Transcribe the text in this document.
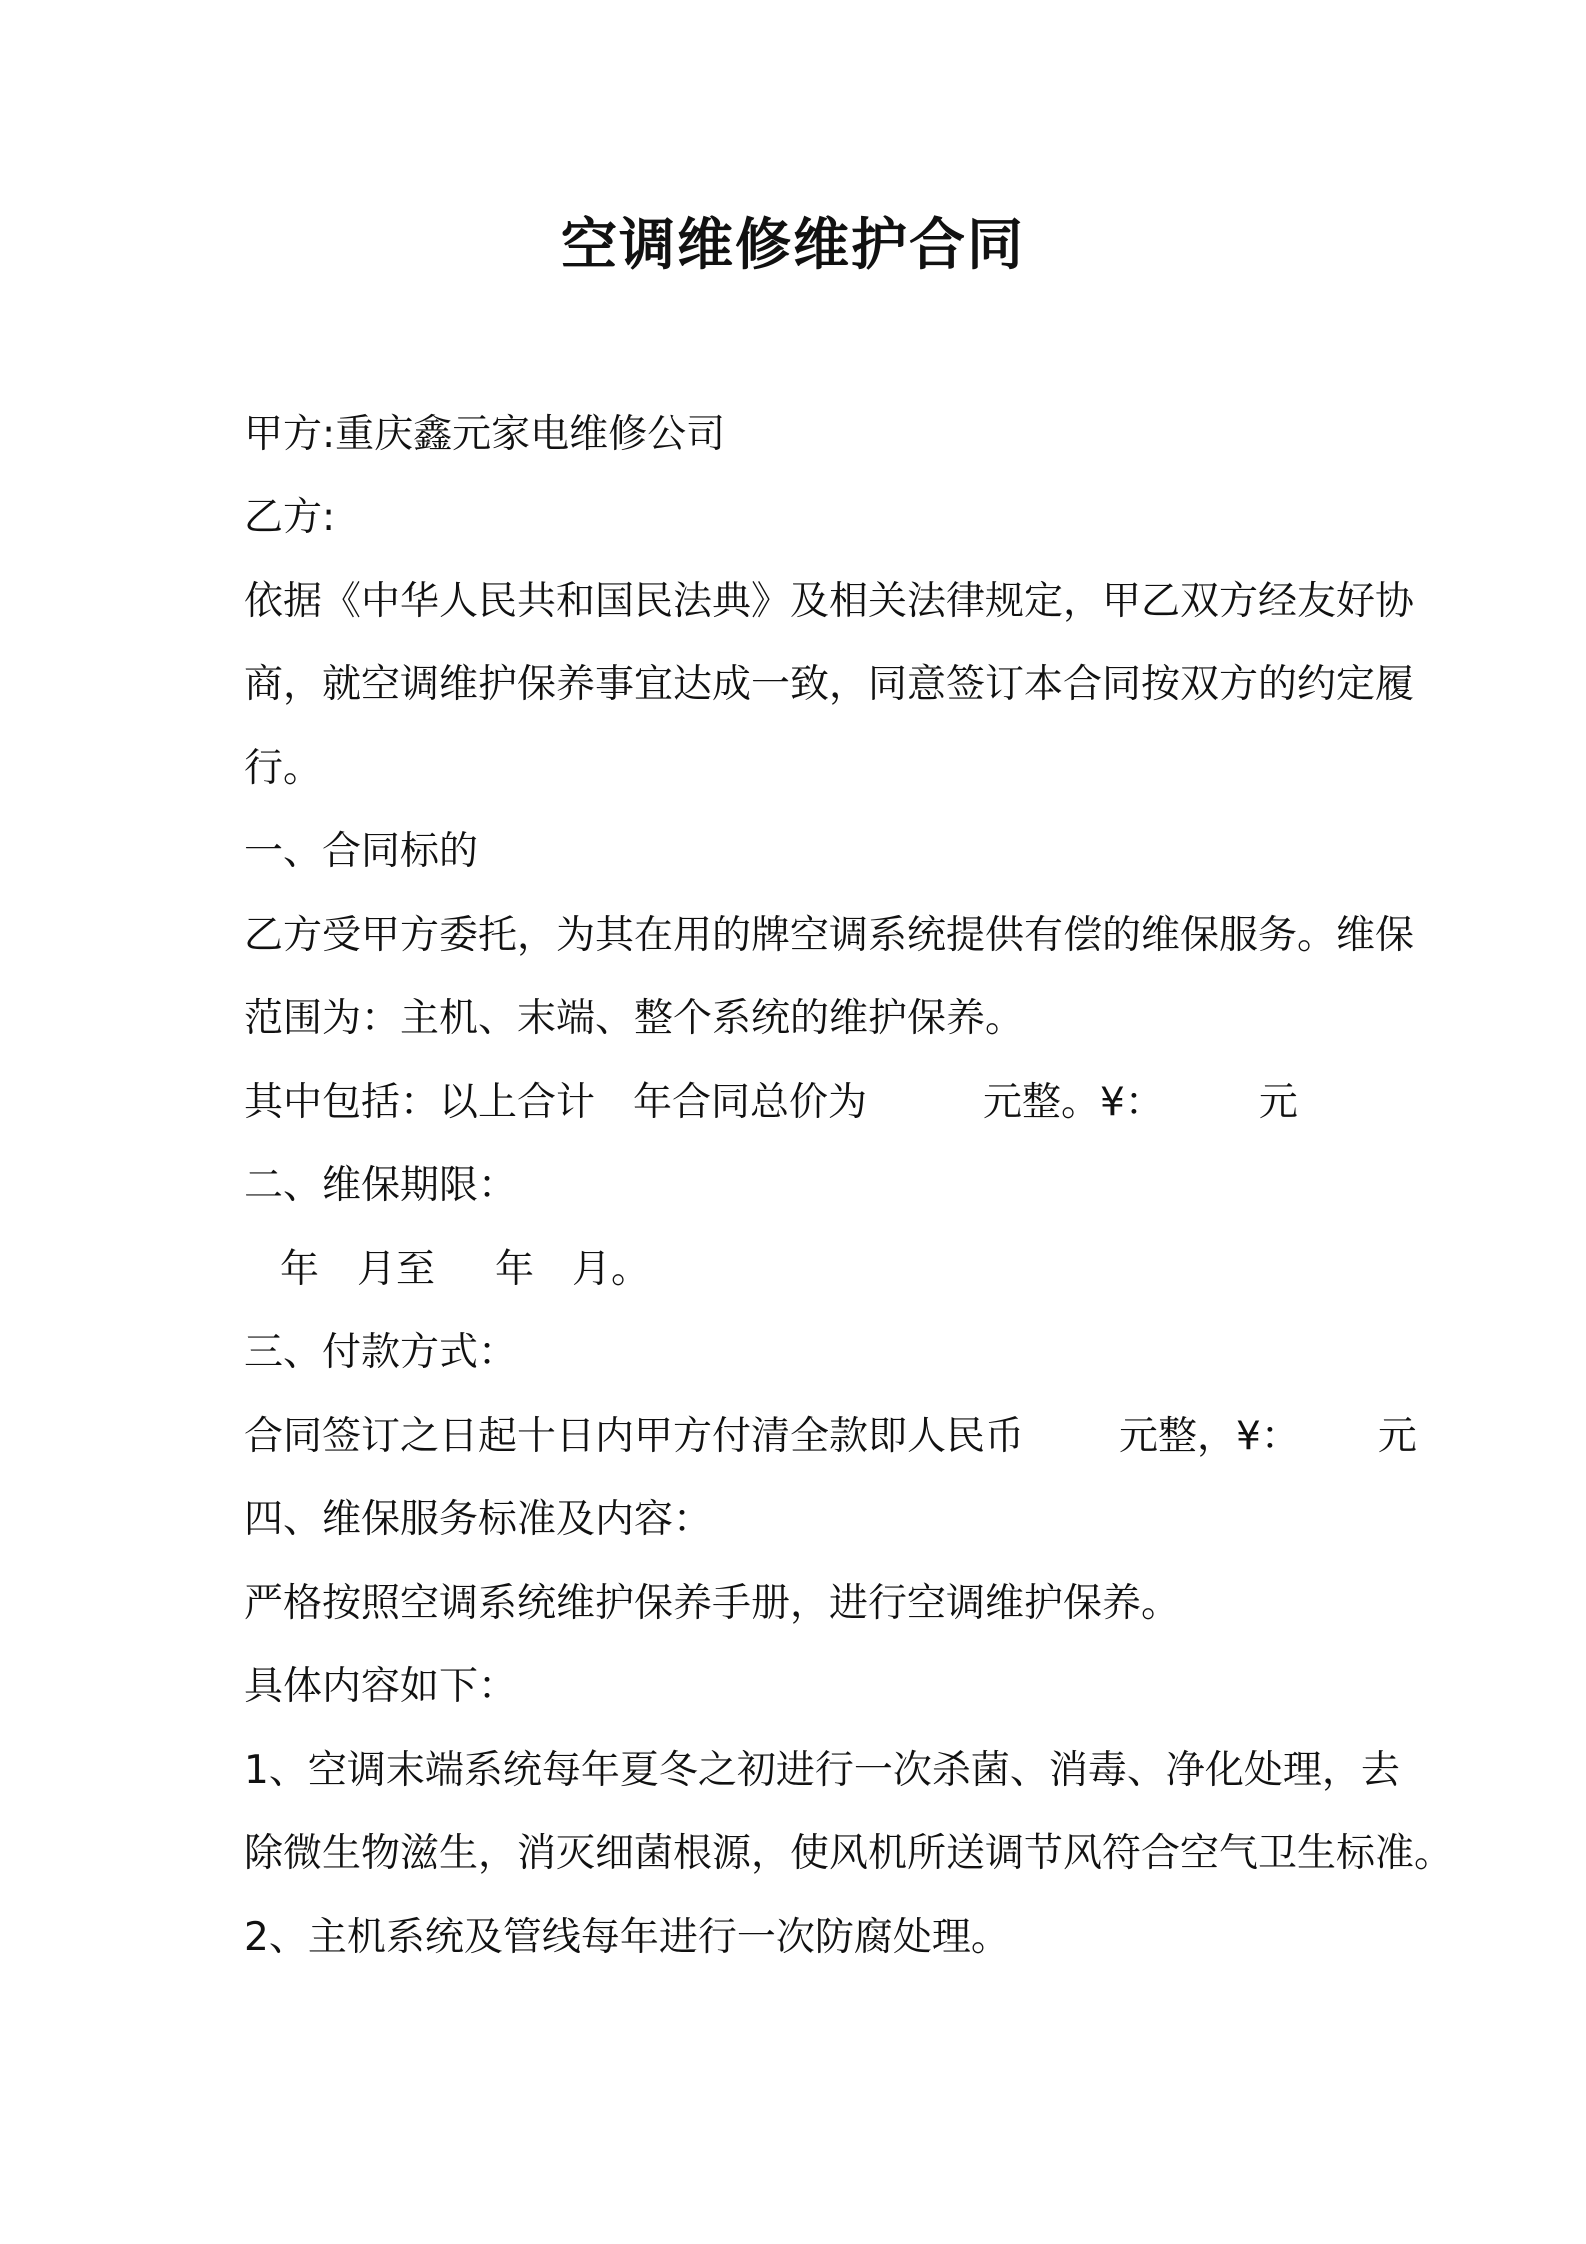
空调维修维护合同
甲方:重庆鑫元家电维修公司
乙方:
依据《中华人民共和国民法典》及相关法律规定，甲乙双方经友好协
商，就空调维护保养事宜达成一致，同意签订本合同按双方的约定履
行。
一、合同标的
乙方受甲方委托，为其在用的牌空调系统提供有偿的维保服务。维保
范围为：主机、末端、整个系统的维护保养。
其中包括：以上合计 年合同总价为	元整。¥： 元
二、维保期限：
年 月至 年 月。
三、付款方式：
合同签订之日起十日内甲方付清全款即人民币 元整，¥： 元
四、维保服务标准及内容：
严格按照空调系统维护保养手册，进行空调维护保养。
具体内容如下：
1、空调末端系统每年夏冬之初进行一次杀菌、消毒、净化处理，去
除微生物滋生，消灭细菌根源，使风机所送调节风符合空气卫生标准。
2、主机系统及管线每年进行一次防腐处理。
